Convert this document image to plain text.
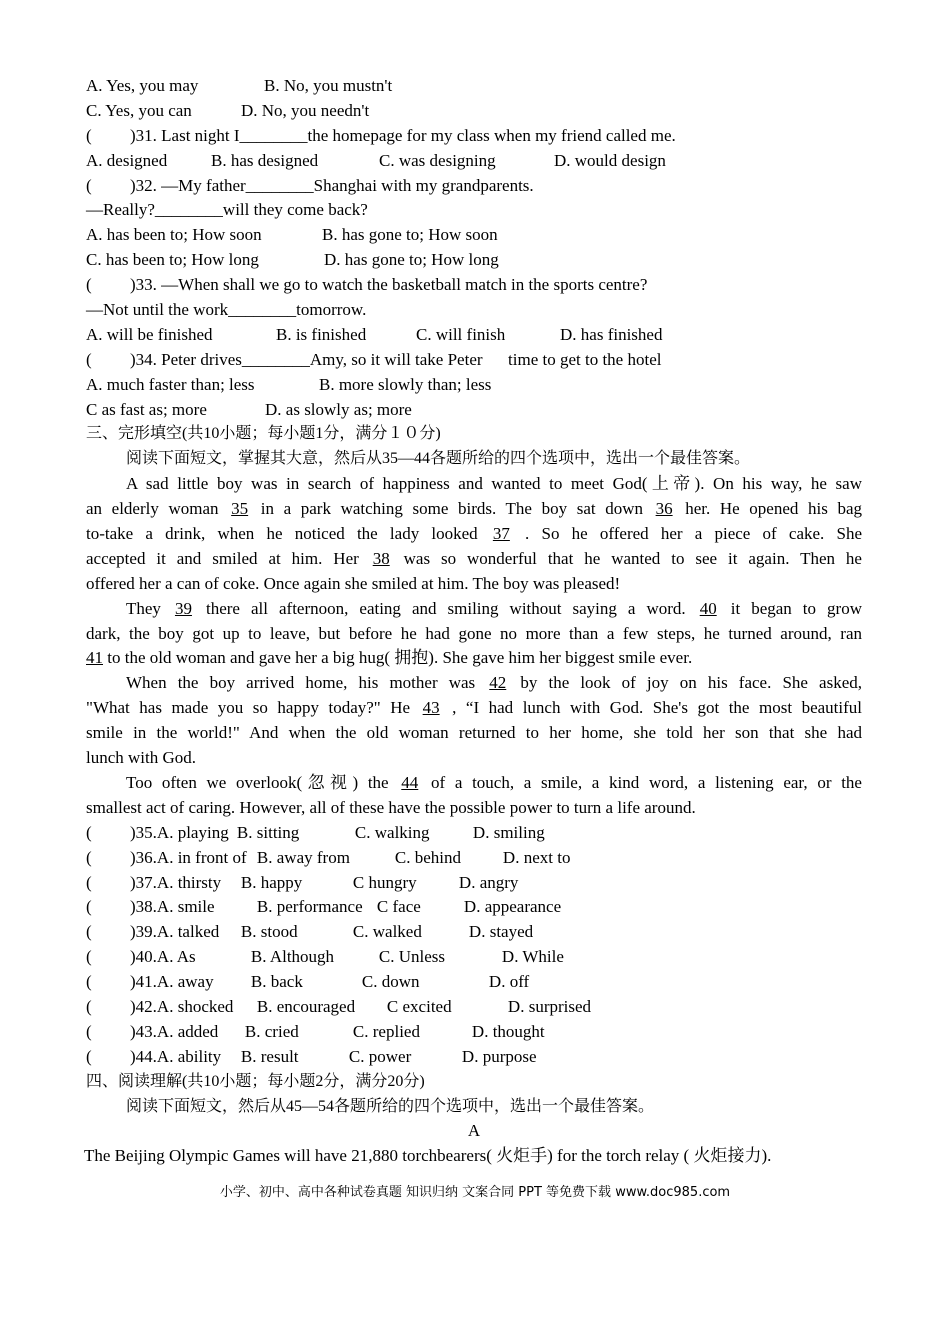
A. Yes, you may	B. No, you mustn't
C. Yes, you can	D. No, you needn't
( )31. Last night I________the homepage for my class when my friend called me.
A. designed	B. has designed	C. was designing	D. would design
( )32. —My father________Shanghai with my grandparents.
—Really?________will they come back?
A. has been to; How soon	B. has gone to; How soon
C. has been to; How long	D. has gone to; How long
( )33. —When shall we go to watch the basketball match in the sports centre?
—Not until the work________tomorrow.
A. will be finished	B. is finished	C. will finish	D. has finished
( )34. Peter drives________Amy, so it will take Peter      time to get to the hotel
A. much faster than; less	B. more slowly than; less
C as fast as; more	D. as slowly as; more
三、完形填空(共10小题；每小题1分，满分１０分)
阅读下面短文，掌握其大意，然后从35—44各题所给的四个选项中，选出一个最佳答案。
A sad little boy was in search of happiness and wanted to meet God(上帝). On his way, he saw
an elderly woman 35 in a park watching some birds. The boy sat down 36 her. He opened his bag
to-take a drink, when he noticed the lady looked 37 . So he offered her a piece of cake. She
accepted it and smiled at him. Her 38 was so wonderful that he wanted to see it again. Then he
offered her a can of coke. Once again she smiled at him. The boy was pleased!
They 39 there all afternoon, eating and smiling without saying a word. 40 it began to grow
dark, the boy got up to leave, but before he had gone no more than a few steps, he turned around, ran
41 to the old woman and gave her a big hug( 拥抱). She gave him her biggest smile ever.
When the boy arrived home, his mother was 42 by the look of joy on his face. She asked,
"What has made you so happy today?" He 43 , “I had lunch with God. She's got the most beautiful
smile in the world!" And when the old woman returned to her home, she told her son that she had
lunch with God.
Too often we overlook(忽视) the 44 of a touch, a smile, a kind word, a listening ear, or the
smallest act of caring. However, all of these have the possible power to turn a life around.
( )35.A. playing B. sitting	C. walking	D. smiling
( )36.A. in front of B. away from	C. behind D. next to
( )37.A. thirsty B. happy	C hungry D. angry
( )38.A. smile B. performance C face	D. appearance
( )39.A. talked B. stood	C. walked	D. stayed
( )40.A. As	B. Although	C. Unless	D. While
( )41.A. away B. back	C. down	D. off
( )42.A. shocked B. encouraged C excited	D. surprised
( )43.A. added B. cried	C. replied	D. thought
( )44.A. ability B. result	C. power	D. purpose
四、阅读理解(共10小题；每小题2分，满分20分)
阅读下面短文，然后从45—54各题所给的四个选项中，选出一个最佳答案。
A
The Beijing Olympic Games will have 21,880 torchbearers( 火炬手) for the torch relay ( 火炬接力).
小学、初中、高中各种试卷真题 知识归纳 文案合同 PPT 等免费下载 www.doc985.com
